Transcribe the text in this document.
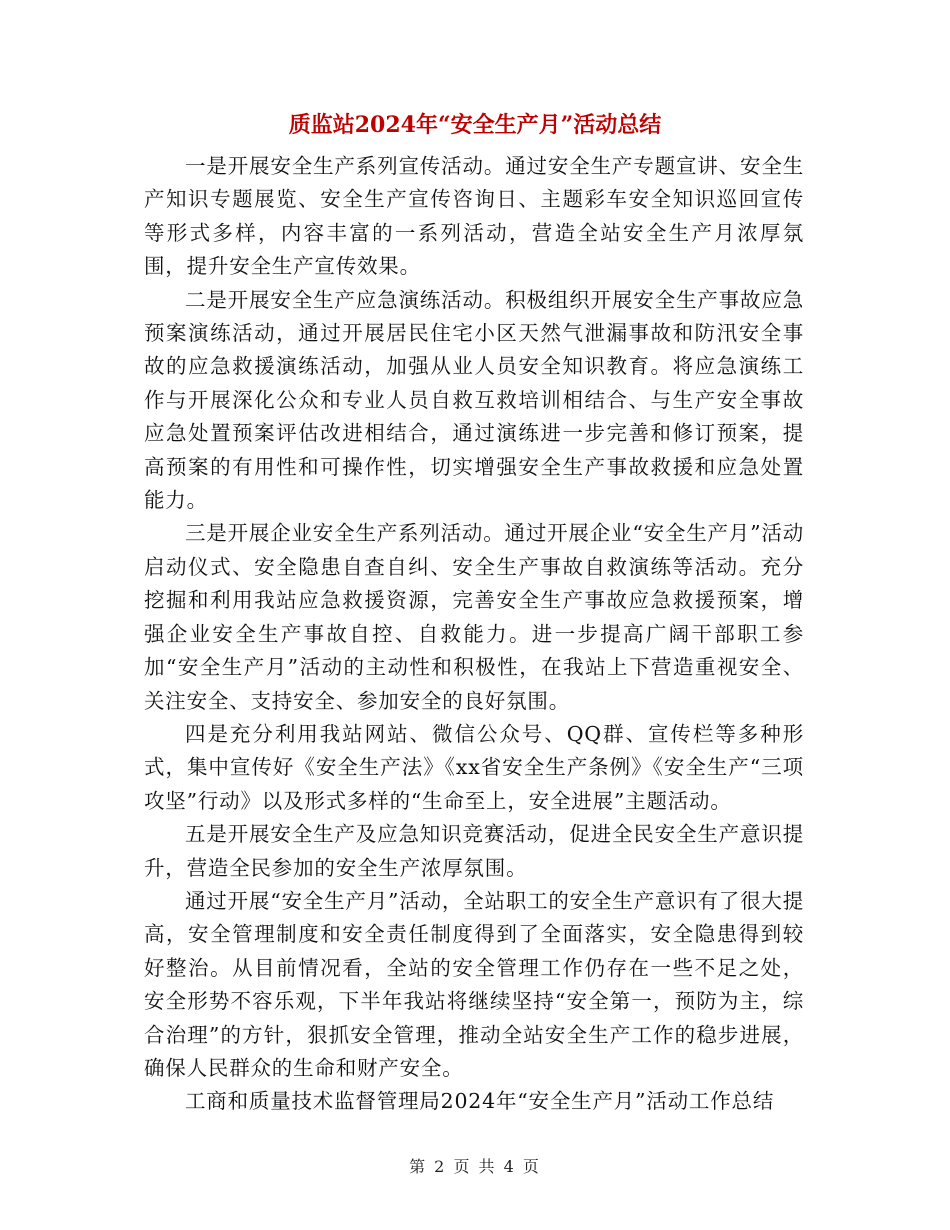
质监站2024年“安全生产月”活动总结

一是开展安全生产系列宣传活动。通过安全生产专题宣讲、安全生产知识专题展览、安全生产宣传咨询日、主题彩车安全知识巡回宣传等形式多样，内容丰富的一系列活动，营造全站安全生产月浓厚氛围，提升安全生产宣传效果。

二是开展安全生产应急演练活动。积极组织开展安全生产事故应急预案演练活动，通过开展居民住宅小区天然气泄漏事故和防汛安全事故的应急救援演练活动，加强从业人员安全知识教育。将应急演练工作与开展深化公众和专业人员自救互救培训相结合、与生产安全事故应急处置预案评估改进相结合，通过演练进一步完善和修订预案，提高预案的有用性和可操作性，切实增强安全生产事故救援和应急处置能力。

三是开展企业安全生产系列活动。通过开展企业“安全生产月”活动启动仪式、安全隐患自查自纠、安全生产事故自救演练等活动。充分挖掘和利用我站应急救援资源，完善安全生产事故应急救援预案，增强企业安全生产事故自控、自救能力。进一步提高广阔干部职工参加“安全生产月”活动的主动性和积极性，在我站上下营造重视安全、关注安全、支持安全、参加安全的良好氛围。

四是充分利用我站网站、微信公众号、QQ群、宣传栏等多种形式，集中宣传好《安全生产法》《xx省安全生产条例》《安全生产“三项攻坚”行动》以及形式多样的“生命至上，安全进展”主题活动。

五是开展安全生产及应急知识竞赛活动，促进全民安全生产意识提升，营造全民参加的安全生产浓厚氛围。

通过开展“安全生产月”活动，全站职工的安全生产意识有了很大提高，安全管理制度和安全责任制度得到了全面落实，安全隐患得到较好整治。从目前情况看，全站的安全管理工作仍存在一些不足之处，安全形势不容乐观，下半年我站将继续坚持“安全第一，预防为主，综合治理”的方针，狠抓安全管理，推动全站安全生产工作的稳步进展，确保人民群众的生命和财产安全。

工商和质量技术监督管理局2024年“安全生产月”活动工作总结

第 2 页 共 4 页
